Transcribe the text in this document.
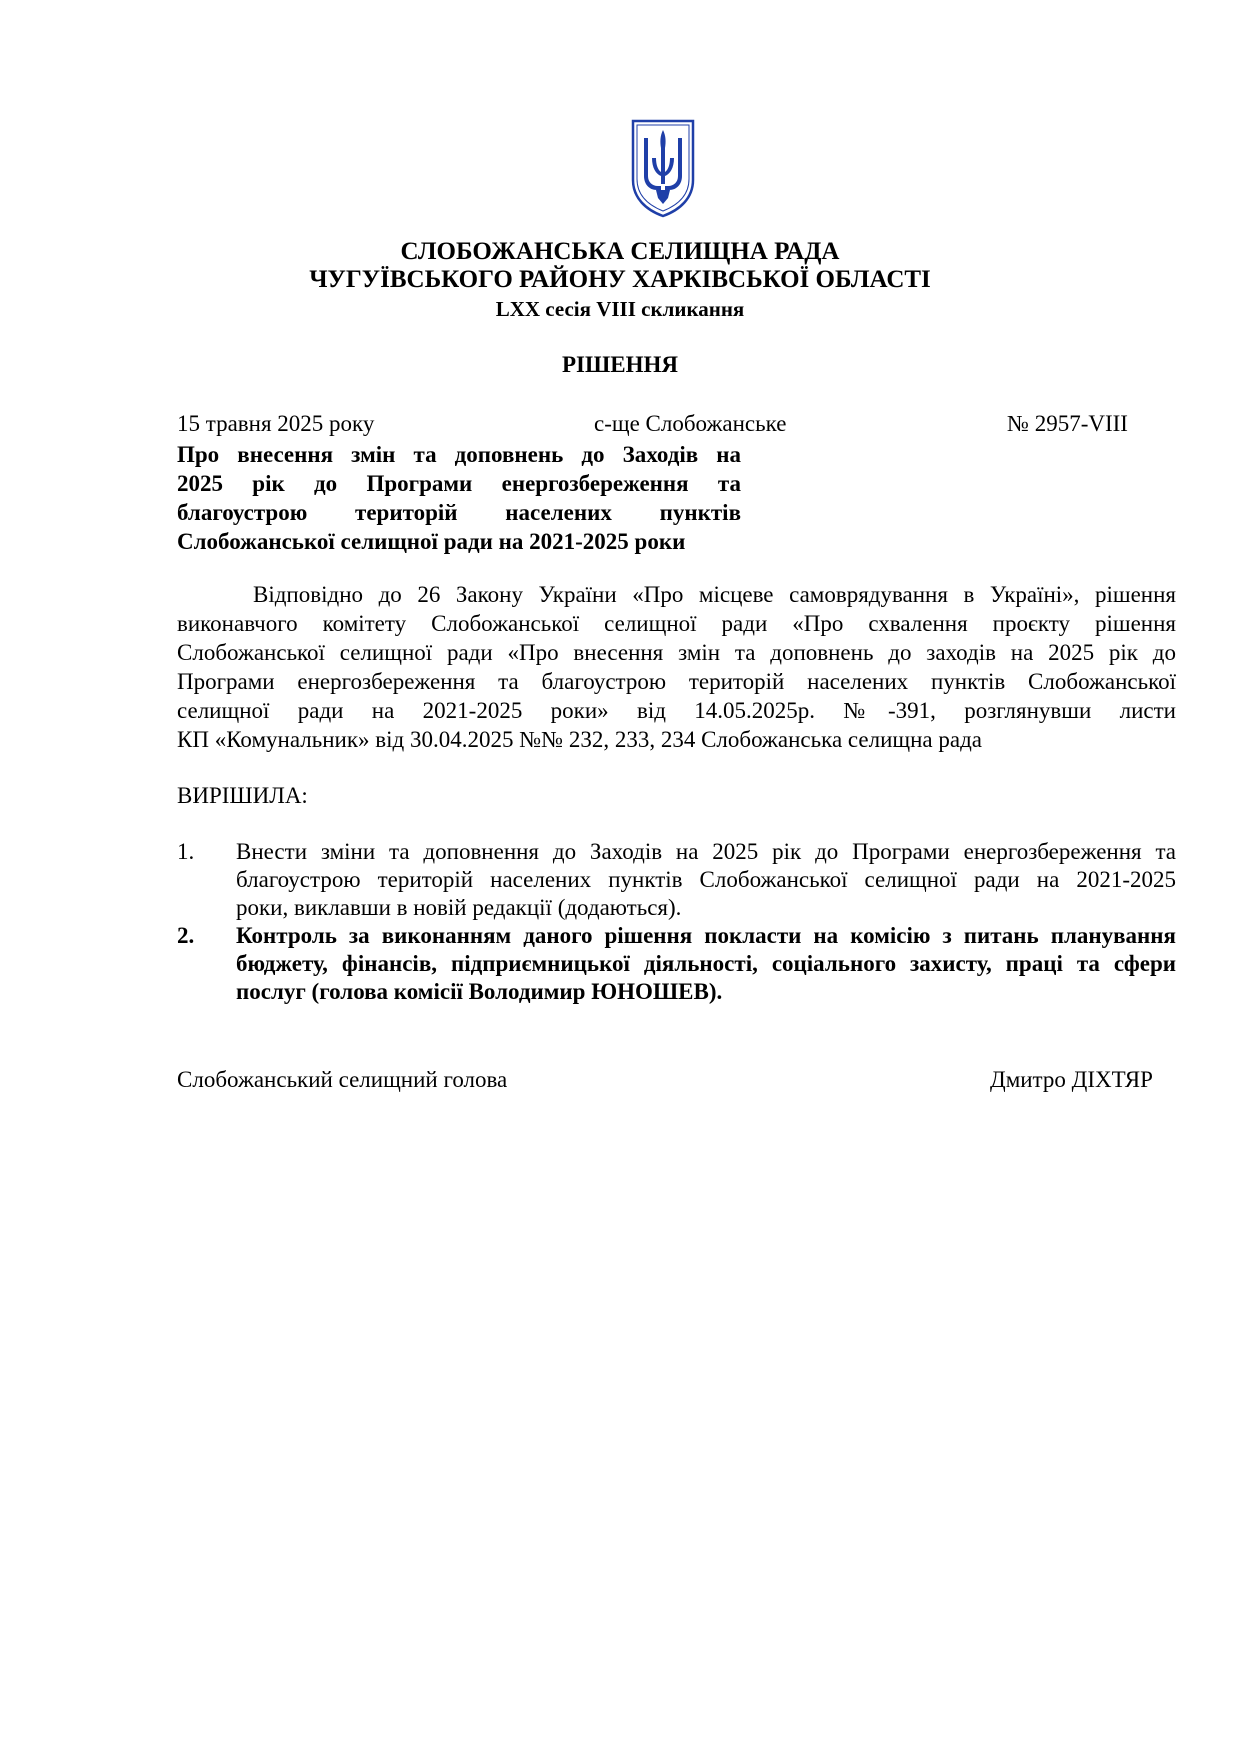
СЛОБОЖАНСЬКА СЕЛИЩНА РАДА
ЧУГУЇВСЬКОГО РАЙОНУ ХАРКІВСЬКОЇ ОБЛАСТІ
LXX сесія VIII скликання
РІШЕННЯ
15 травня 2025 року	с-ще Слобожанське	№ 2957-VIII
Про внесення змін та доповнень до Заходів на
2025 рік до Програми енергозбереження та
благоустрою територій населених пунктів
Слобожанської селищної ради на 2021-2025 роки
Відповідно до 26 Закону України «Про місцеве самоврядування в Україні», рішення
виконавчого комітету Слобожанської селищної ради «Про схвалення проєкту рішення
Слобожанської селищної ради «Про внесення змін та доповнень до заходів на 2025 рік до
Програми енергозбереження та благоустрою територій населених пунктів Слобожанської
селищної ради на 2021-2025 роки» від 14.05.2025р. №-391, розглянувши листи
КП «Комунальник» від 30.04.2025 №№ 232, 233, 234 Слобожанська селищна рада
ВИРІШИЛА:
1. Внести зміни та доповнення до Заходів на 2025 рік до Програми енергозбереження та
благоустрою територій населених пунктів Слобожанської селищної ради на 2021-2025
роки, виклавши в новій редакції (додаються).
2. Контроль за виконанням даного рішення покласти на комісію з питань планування
бюджету, фінансів, підприємницької діяльності, соціального захисту, праці та сфери
послуг (голова комісії Володимир ЮНОШЕВ).
Слобожанський селищний голова	Дмитро ДІХТЯР
